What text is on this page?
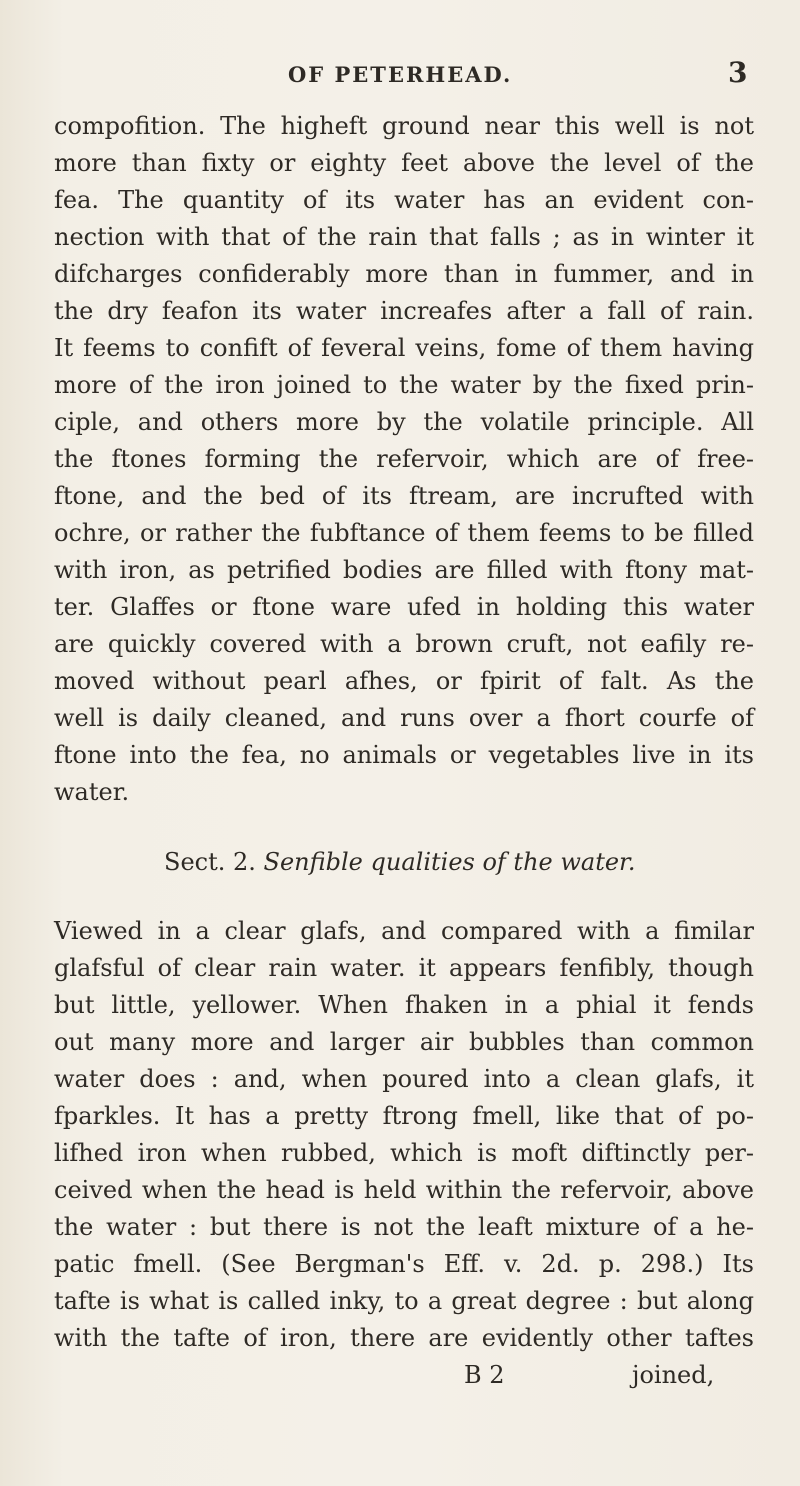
OF PETERHEAD.	3
compofition. The higheft ground near this well is not
more than fixty or eighty feet above the level of the
fea. The quantity of its water has an evident con-
nection with that of the rain that falls ; as in winter it
difcharges confiderably more than in fummer, and in
the dry feafon its water increafes after a fall of rain.
It feems to confift of feveral veins, fome of them having
more of the iron joined to the water by the fixed prin-
ciple, and others more by the volatile principle. All
the ftones forming the refervoir, which are of free-
ftone, and the bed of its ftream, are incrufted with
ochre, or rather the fubftance of them feems to be filled
with iron, as petrified bodies are filled with ftony mat-
ter. Glaffes or ftone ware ufed in holding this water
are quickly covered with a brown cruft, not eafily re-
moved without pearl afhes, or fpirit of falt. As the
well is daily cleaned, and runs over a fhort courfe of
ftone into the fea, no animals or vegetables live in its
water.
Sect. 2. Senfible qualities of the water.
Viewed in a clear glafs, and compared with a fimilar
glafsful of clear rain water. it appears fenfibly, though
but little, yellower. When fhaken in a phial it fends
out many more and larger air bubbles than common
water does : and, when poured into a clean glafs, it
fparkles. It has a pretty ftrong fmell, like that of po-
lifhed iron when rubbed, which is moft diftinctly per-
ceived when the head is held within the refervoir, above
the water : but there is not the leaft mixture of a he-
patic fmell. (See Bergman's Eff. v. 2d. p. 298.) Its
tafte is what is called inky, to a great degree : but along
with the tafte of iron, there are evidently other taftes
B 2	joined,
